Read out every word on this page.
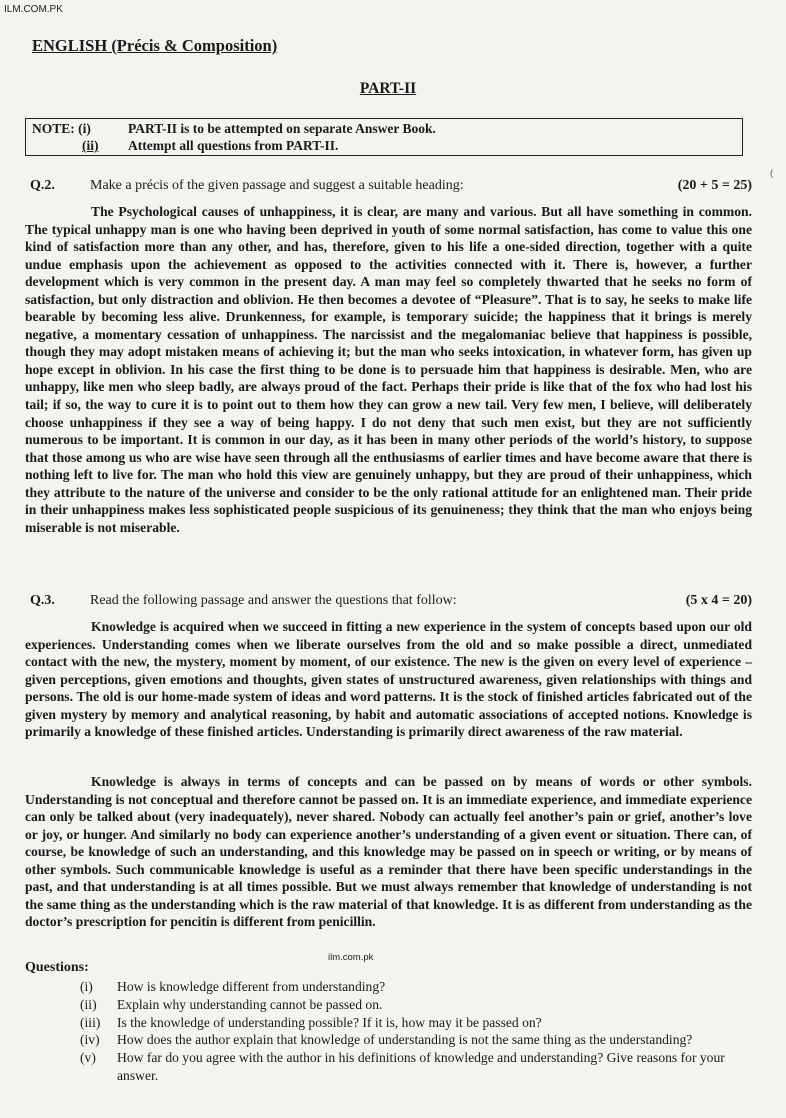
ILM.COM.PK
ENGLISH (Précis & Composition)
PART-II
NOTE: (i)	PART-II is to be attempted on separate Answer Book.
(ii) Attempt all questions from PART-II.
Q.2.	Make a précis of the given passage and suggest a suitable heading:	(20 + 5 = 25)

The Psychological causes of unhappiness, it is clear, are many and various. But all have something in common. The typical unhappy man is one who having been deprived in youth of some normal satisfaction, has come to value this one kind of satisfaction more than any other, and has, therefore, given to his life a one-sided direction, together with a quite undue emphasis upon the achievement as opposed to the activities connected with it. There is, however, a further development which is very common in the present day. A man may feel so completely thwarted that he seeks no form of satisfaction, but only distraction and oblivion. He then becomes a devotee of “Pleasure”. That is to say, he seeks to make life bearable by becoming less alive. Drunkenness, for example, is temporary suicide; the happiness that it brings is merely negative, a momentary cessation of unhappiness. The narcissist and the megalomaniac believe that happiness is possible, though they may adopt mistaken means of achieving it; but the man who seeks intoxication, in whatever form, has given up hope except in oblivion. In his case the first thing to be done is to persuade him that happiness is desirable. Men, who are unhappy, like men who sleep badly, are always proud of the fact. Perhaps their pride is like that of the fox who had lost his tail; if so, the way to cure it is to point out to them how they can grow a new tail. Very few men, I believe, will deliberately choose unhappiness if they see a way of being happy. I do not deny that such men exist, but they are not sufficiently numerous to be important. It is common in our day, as it has been in many other periods of the world’s history, to suppose that those among us who are wise have seen through all the enthusiasms of earlier times and have become aware that there is nothing left to live for. The man who hold this view are genuinely unhappy, but they are proud of their unhappiness, which they attribute to the nature of the universe and consider to be the only rational attitude for an enlightened man. Their pride in their unhappiness makes less sophisticated people suspicious of its genuineness; they think that the man who enjoys being miserable is not miserable.

Q.3.	Read the following passage and answer the questions that follow:	(5 x 4 = 20)

Knowledge is acquired when we succeed in fitting a new experience in the system of concepts based upon our old experiences. Understanding comes when we liberate ourselves from the old and so make possible a direct, unmediated contact with the new, the mystery, moment by moment, of our existence. The new is the given on every level of experience – given perceptions, given emotions and thoughts, given states of unstructured awareness, given relationships with things and persons. The old is our home-made system of ideas and word patterns. It is the stock of finished articles fabricated out of the given mystery by memory and analytical reasoning, by habit and automatic associations of accepted notions. Knowledge is primarily a knowledge of these finished articles. Understanding is primarily direct awareness of the raw material.

Knowledge is always in terms of concepts and can be passed on by means of words or other symbols. Understanding is not conceptual and therefore cannot be passed on. It is an immediate experience, and immediate experience can only be talked about (very inadequately), never shared. Nobody can actually feel another’s pain or grief, another’s love or joy, or hunger. And similarly no body can experience another’s understanding of a given event or situation. There can, of course, be knowledge of such an understanding, and this knowledge may be passed on in speech or writing, or by means of other symbols. Such communicable knowledge is useful as a reminder that there have been specific understandings in the past, and that understanding is at all times possible. But we must always remember that knowledge of understanding is not the same thing as the understanding which is the raw material of that knowledge. It is as different from understanding as the doctor’s prescription for pencitin is different from penicillin.

ilm.com.pk
Questions:
(i) How is knowledge different from understanding?
(ii) Explain why understanding cannot be passed on.
(iii) Is the knowledge of understanding possible? If it is, how may it be passed on?
(iv) How does the author explain that knowledge of understanding is not the same thing as the understanding?
(v) How far do you agree with the author in his definitions of knowledge and understanding? Give reasons for your answer.
(
